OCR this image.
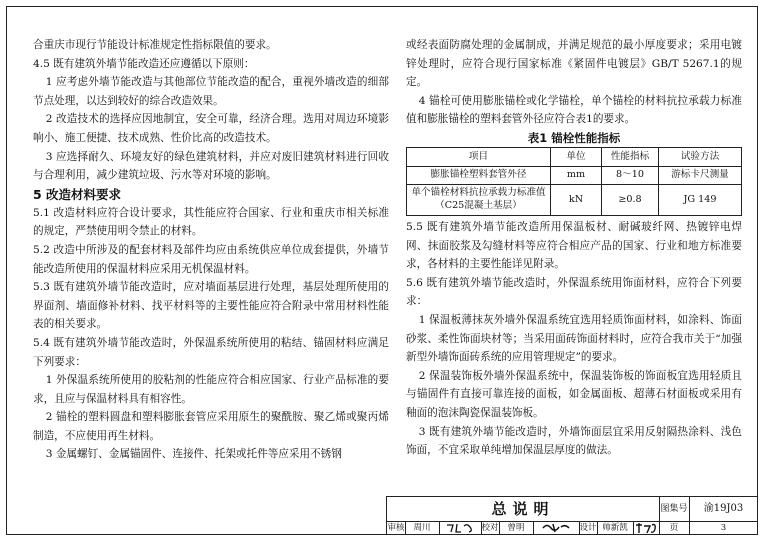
合重庆市现行节能设计标准规定性指标限值的要求。

4.5 既有建筑外墙节能改造还应遵循以下原则：

1 应考虑外墙节能改造与其他部位节能改造的配合，重视外墙改造的细部节点处理，以达到较好的综合改造效果。

2 改造技术的选择应因地制宜，安全可靠，经济合理。选用对周边环境影响小、施工便捷、技术成熟、性价比高的改造技术。

3 应选择耐久、环境友好的绿色建筑材料，并应对废旧建筑材料进行回收与合理利用，减少建筑垃圾、污水等对环境的影响。

5 改造材料要求

5.1 改造材料应符合设计要求，其性能应符合国家、行业和重庆市相关标准的规定，严禁使用明令禁止的材料。

5.2 改造中所涉及的配套材料及部件均应由系统供应单位成套提供，外墙节能改造所使用的保温材料应采用无机保温材料。

5.3 既有建筑外墙节能改造时，应对墙面基层进行处理，基层处理所使用的界面剂、墙面修补材料、找平材料等的主要性能应符合附录中常用材料性能表的相关要求。

5.4 既有建筑外墙节能改造时，外保温系统所使用的粘结、锚固材料应满足下列要求：

1 外保温系统所使用的胶粘剂的性能应符合相应国家、行业产品标准的要求，且应与保温材料具有相容性。

2 锚栓的塑料圆盘和塑料膨胀套管应采用原生的聚酰胺、聚乙烯或聚丙烯制造，不应使用再生材料。

3 金属螺钉、金属锚固件、连接件、托架或托件等应采用不锈钢

或经表面防腐处理的金属制成，并满足规范的最小厚度要求；采用电镀锌处理时，应符合现行国家标准《紧固件电镀层》GB/T 5267.1的规定。

4 锚栓可使用膨胀锚栓或化学锚栓，单个锚栓的材料抗拉承载力标准值和膨胀锚栓的塑料套管外径应符合表1的要求。

表1 锚栓性能指标
项目	单位	性能指标	试验方法
膨胀锚栓塑料套管外径	mm	8～10	游标卡尺测量
单个锚栓材料抗拉承载力标准值
（C25混凝土基层）	kN	≥0.8	JG 149

5.5 既有建筑外墙节能改造所用保温板材、耐碱玻纤网、热镀锌电焊网、抹面胶浆及勾缝材料等应符合相应产品的国家、行业和地方标准要求，各材料的主要性能详见附录。

5.6 既有建筑外墙节能改造时，外保温系统用饰面材料，应符合下列要求：

1 保温板薄抹灰外墙外保温系统宜选用轻质饰面材料，如涂料、饰面砂浆、柔性饰面块材等；当采用面砖饰面材料时，应符合我市关于“加强新型外墙饰面砖系统的应用管理规定”的要求。

2 保温装饰板外墙外保温系统中，保温装饰板的饰面板宜选用轻质且与锚固件有直接可靠连接的面板，如金属面板、超薄石材面板或采用有釉面的泡沫陶瓷保温装饰板。

3 既有建筑外墙节能改造时，外墙饰面层宜采用反射隔热涂料、浅色饰面，不宜采取单纯增加保温层厚度的做法。

总说明	图集号	渝19J03
审核	周川	校对	曾明	设计 帅新凯	页	3
